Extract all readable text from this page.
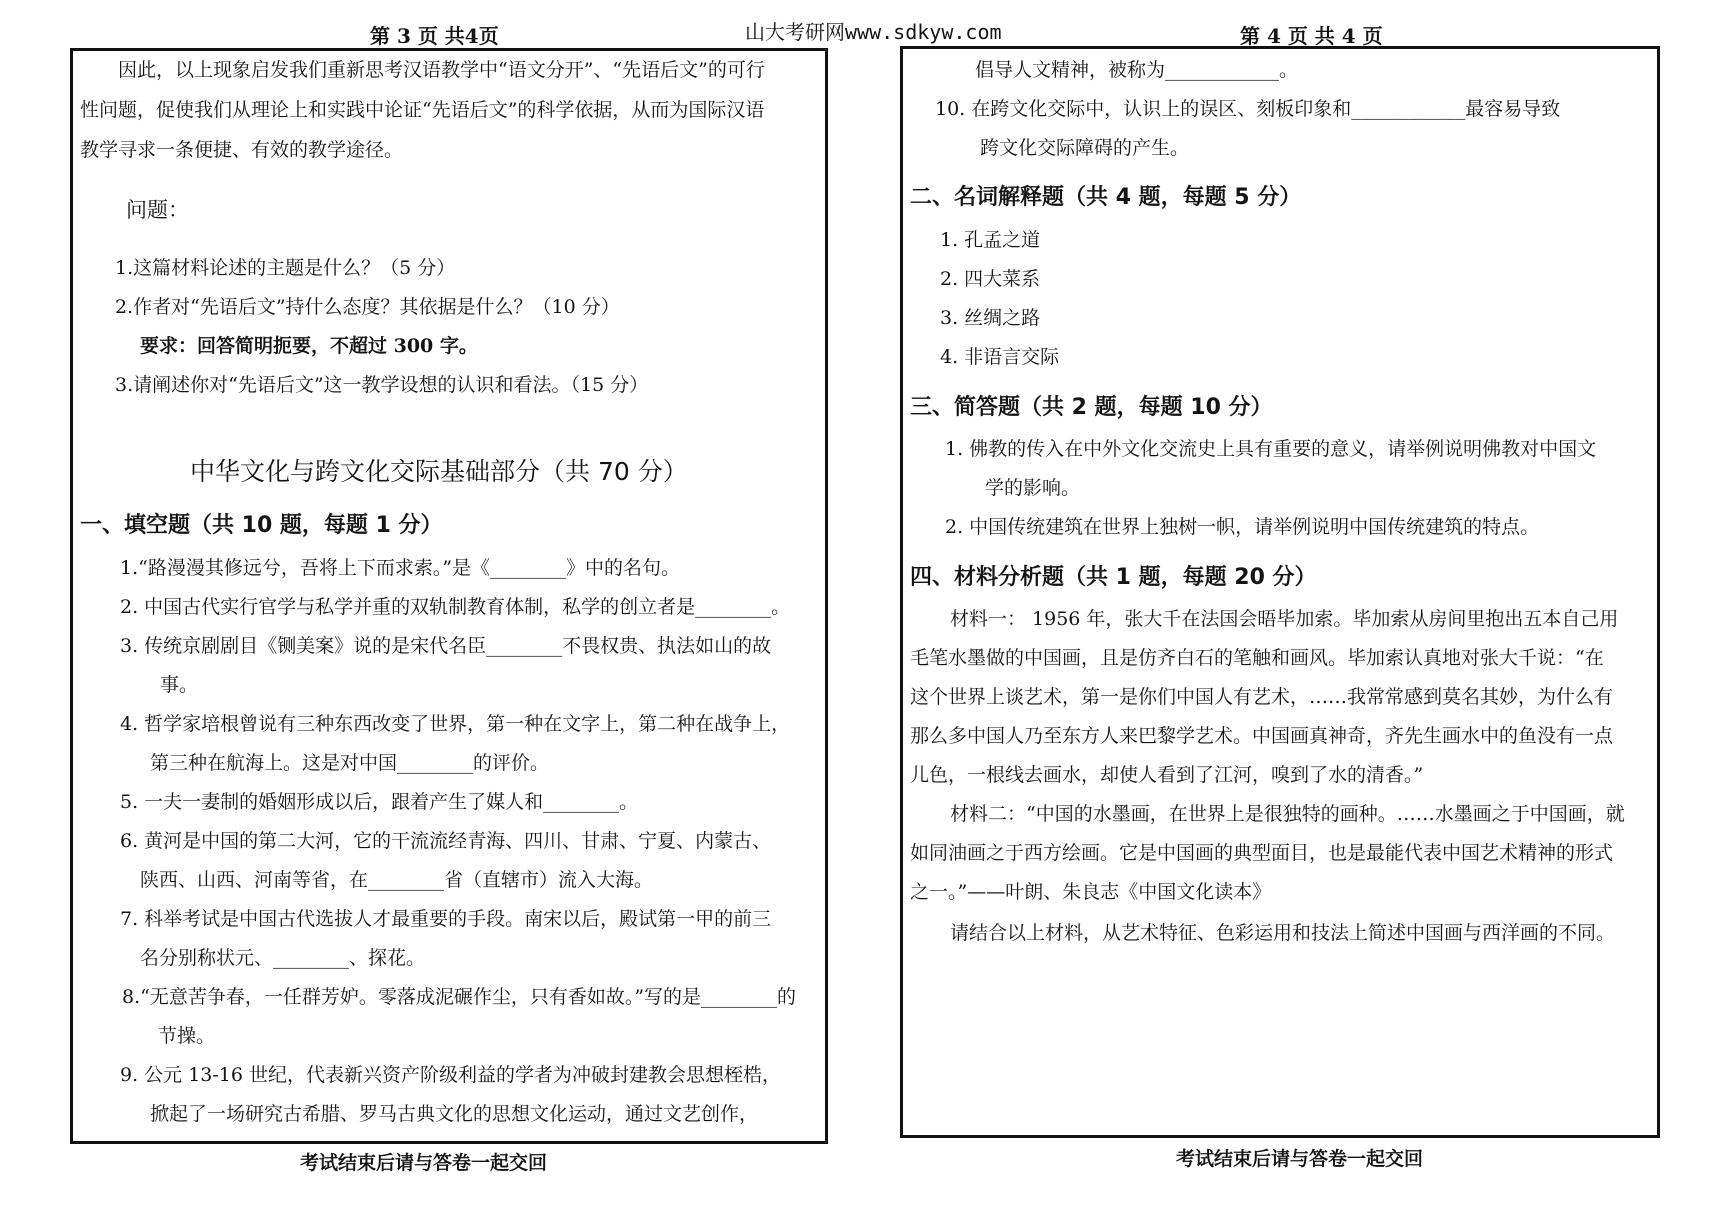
第 3 页 共4页	山大考研网www.sdkyw.com	第 4 页 共 4 页
因此，以上现象启发我们重新思考汉语教学中“语文分开”、“先语后文”的可行
性问题，促使我们从理论上和实践中论证“先语后文”的科学依据，从而为国际汉语
教学寻求一条便捷、有效的教学途径。
问题：
1.这篇材料论述的主题是什么？（5 分）
2.作者对“先语后文”持什么态度？其依据是什么？（10 分）
要求：回答简明扼要，不超过 300 字。
3.请阐述你对“先语后文”这一教学设想的认识和看法。（15 分）
中华文化与跨文化交际基础部分（共 70 分）
一、填空题（共 10 题，每题 1 分）
1.“路漫漫其修远兮，吾将上下而求索。”是《________》中的名句。
2. 中国古代实行官学与私学并重的双轨制教育体制，私学的创立者是________。
3. 传统京剧剧目《铡美案》说的是宋代名臣________不畏权贵、执法如山的故
事。
4. 哲学家培根曾说有三种东西改变了世界，第一种在文字上，第二种在战争上，
第三种在航海上。这是对中国________的评价。
5. 一夫一妻制的婚姻形成以后，跟着产生了媒人和________。
6. 黄河是中国的第二大河，它的干流流经青海、四川、甘肃、宁夏、内蒙古、
陕西、山西、河南等省，在________省（直辖市）流入大海。
7. 科举考试是中国古代选拔人才最重要的手段。南宋以后，殿试第一甲的前三
名分别称状元、________、探花。
8.“无意苦争春，一任群芳妒。零落成泥碾作尘，只有香如故。”写的是________的
节操。
9. 公元 13-16 世纪，代表新兴资产阶级利益的学者为冲破封建教会思想桎梏，
掀起了一场研究古希腊、罗马古典文化的思想文化运动，通过文艺创作，
考试结束后请与答卷一起交回
倡导人文精神，被称为____________。
10. 在跨文化交际中，认识上的误区、刻板印象和____________最容易导致
跨文化交际障碍的产生。
二、名词解释题（共 4 题，每题 5 分）
1. 孔孟之道
2. 四大菜系
3. 丝绸之路
4. 非语言交际
三、简答题（共 2 题，每题 10 分）
1. 佛教的传入在中外文化交流史上具有重要的意义，请举例说明佛教对中国文
学的影响。
2. 中国传统建筑在世界上独树一帜，请举例说明中国传统建筑的特点。
四、材料分析题（共 1 题，每题 20 分）
材料一： 1956 年，张大千在法国会晤毕加索。毕加索从房间里抱出五本自己用
毛笔水墨做的中国画，且是仿齐白石的笔触和画风。毕加索认真地对张大千说：“在
这个世界上谈艺术，第一是你们中国人有艺术，……我常常感到莫名其妙，为什么有
那么多中国人乃至东方人来巴黎学艺术。中国画真神奇，齐先生画水中的鱼没有一点
儿色，一根线去画水，却使人看到了江河，嗅到了水的清香。”
材料二：“中国的水墨画，在世界上是很独特的画种。……水墨画之于中国画，就
如同油画之于西方绘画。它是中国画的典型面目，也是最能代表中国艺术精神的形式
之一。”——叶朗、朱良志《中国文化读本》
请结合以上材料，从艺术特征、色彩运用和技法上简述中国画与西洋画的不同。
考试结束后请与答卷一起交回
